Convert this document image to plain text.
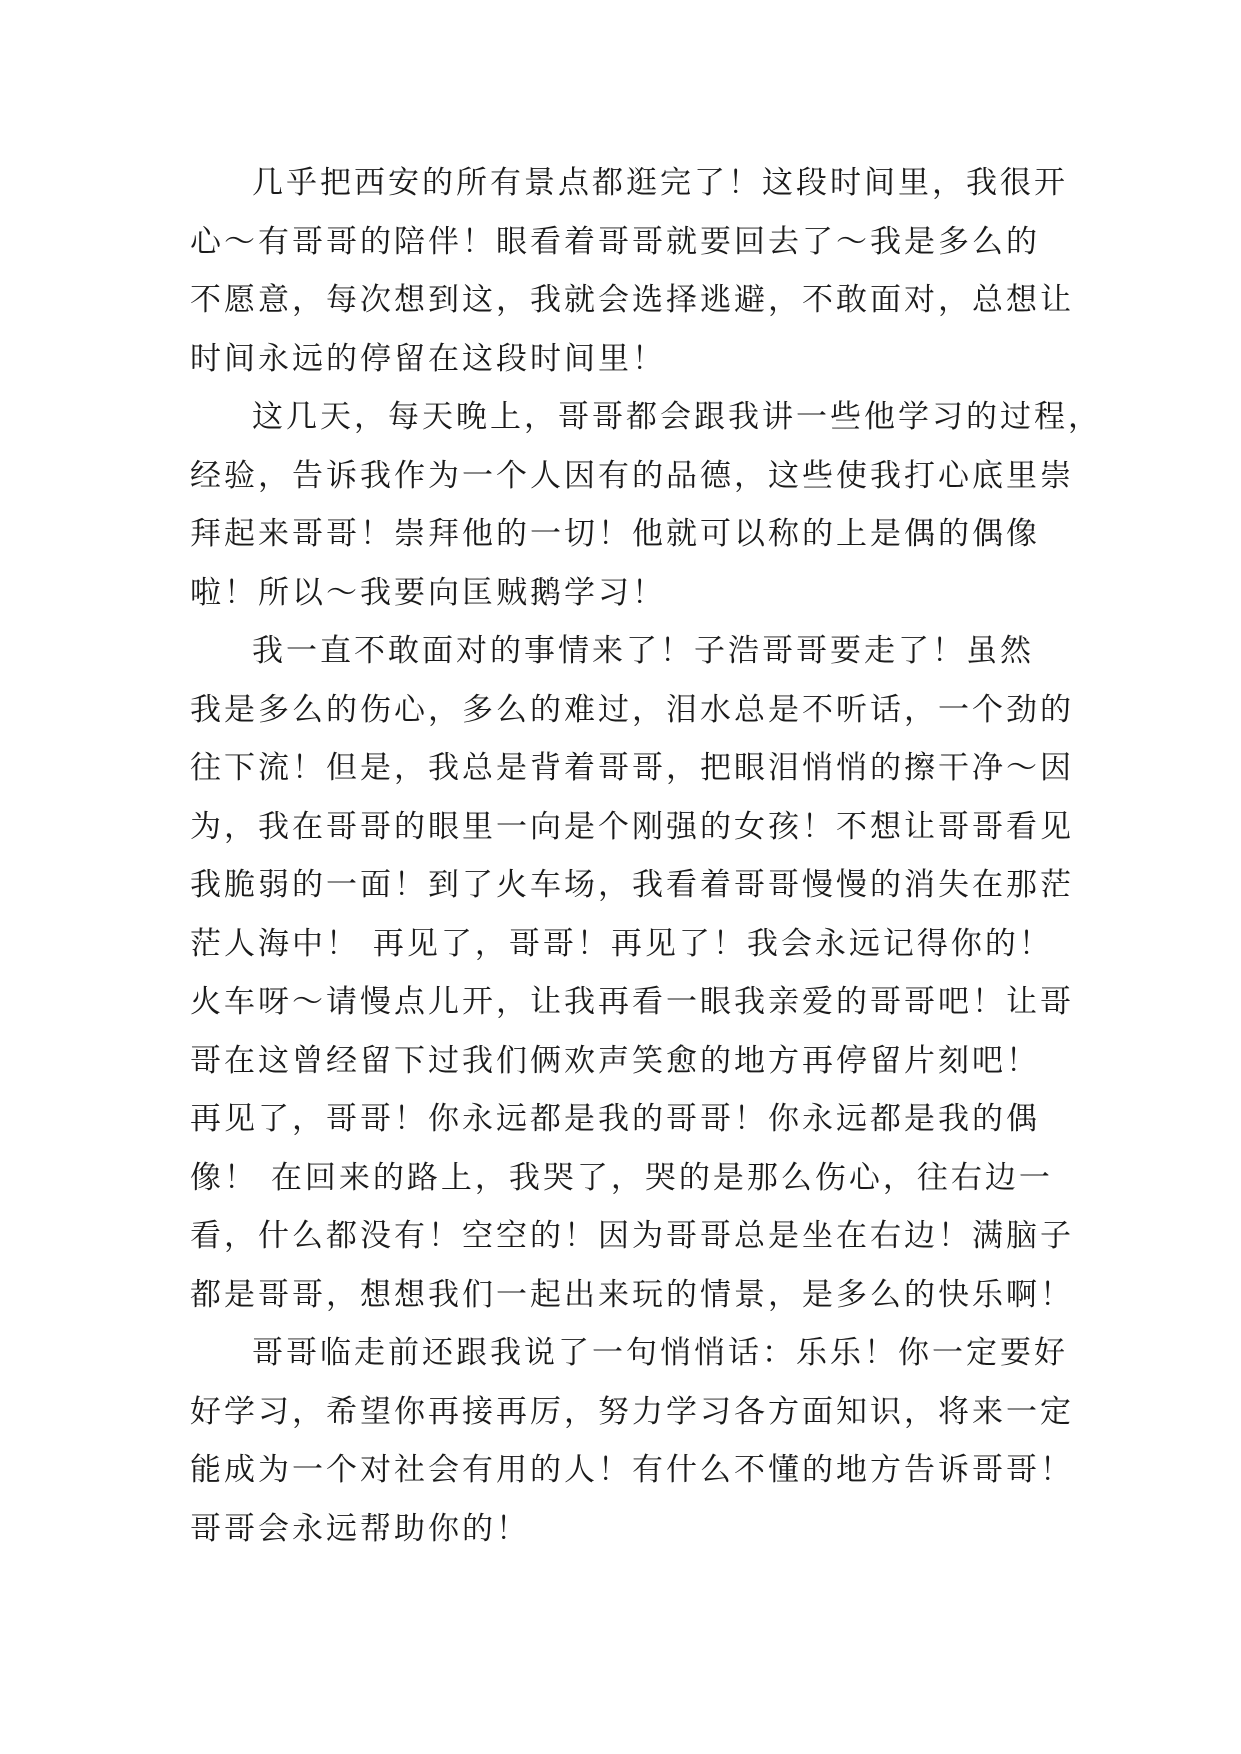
几乎把西安的所有景点都逛完了！这段时间里，我很开
心～有哥哥的陪伴！眼看着哥哥就要回去了～我是多么的
不愿意，每次想到这，我就会选择逃避，不敢面对，总想让
时间永远的停留在这段时间里！
这几天，每天晚上，哥哥都会跟我讲一些他学习的过程，
经验，告诉我作为一个人因有的品德，这些使我打心底里崇
拜起来哥哥！崇拜他的一切！他就可以称的上是偶的偶像
啦！所以～我要向匡贼鹅学习！
我一直不敢面对的事情来了！子浩哥哥要走了！虽然
我是多么的伤心，多么的难过，泪水总是不听话，一个劲的
往下流！但是，我总是背着哥哥，把眼泪悄悄的擦干净～因
为，我在哥哥的眼里一向是个刚强的女孩！不想让哥哥看见
我脆弱的一面！到了火车场，我看着哥哥慢慢的消失在那茫
茫人海中！ 再见了，哥哥！再见了！我会永远记得你的！
火车呀～请慢点儿开，让我再看一眼我亲爱的哥哥吧！让哥
哥在这曾经留下过我们俩欢声笑愈的地方再停留片刻吧！
再见了，哥哥！你永远都是我的哥哥！你永远都是我的偶
像！ 在回来的路上，我哭了，哭的是那么伤心，往右边一
看，什么都没有！空空的！因为哥哥总是坐在右边！满脑子
都是哥哥，想想我们一起出来玩的情景，是多么的快乐啊！
哥哥临走前还跟我说了一句悄悄话：乐乐！你一定要好
好学习，希望你再接再厉，努力学习各方面知识，将来一定
能成为一个对社会有用的人！有什么不懂的地方告诉哥哥！
哥哥会永远帮助你的！
